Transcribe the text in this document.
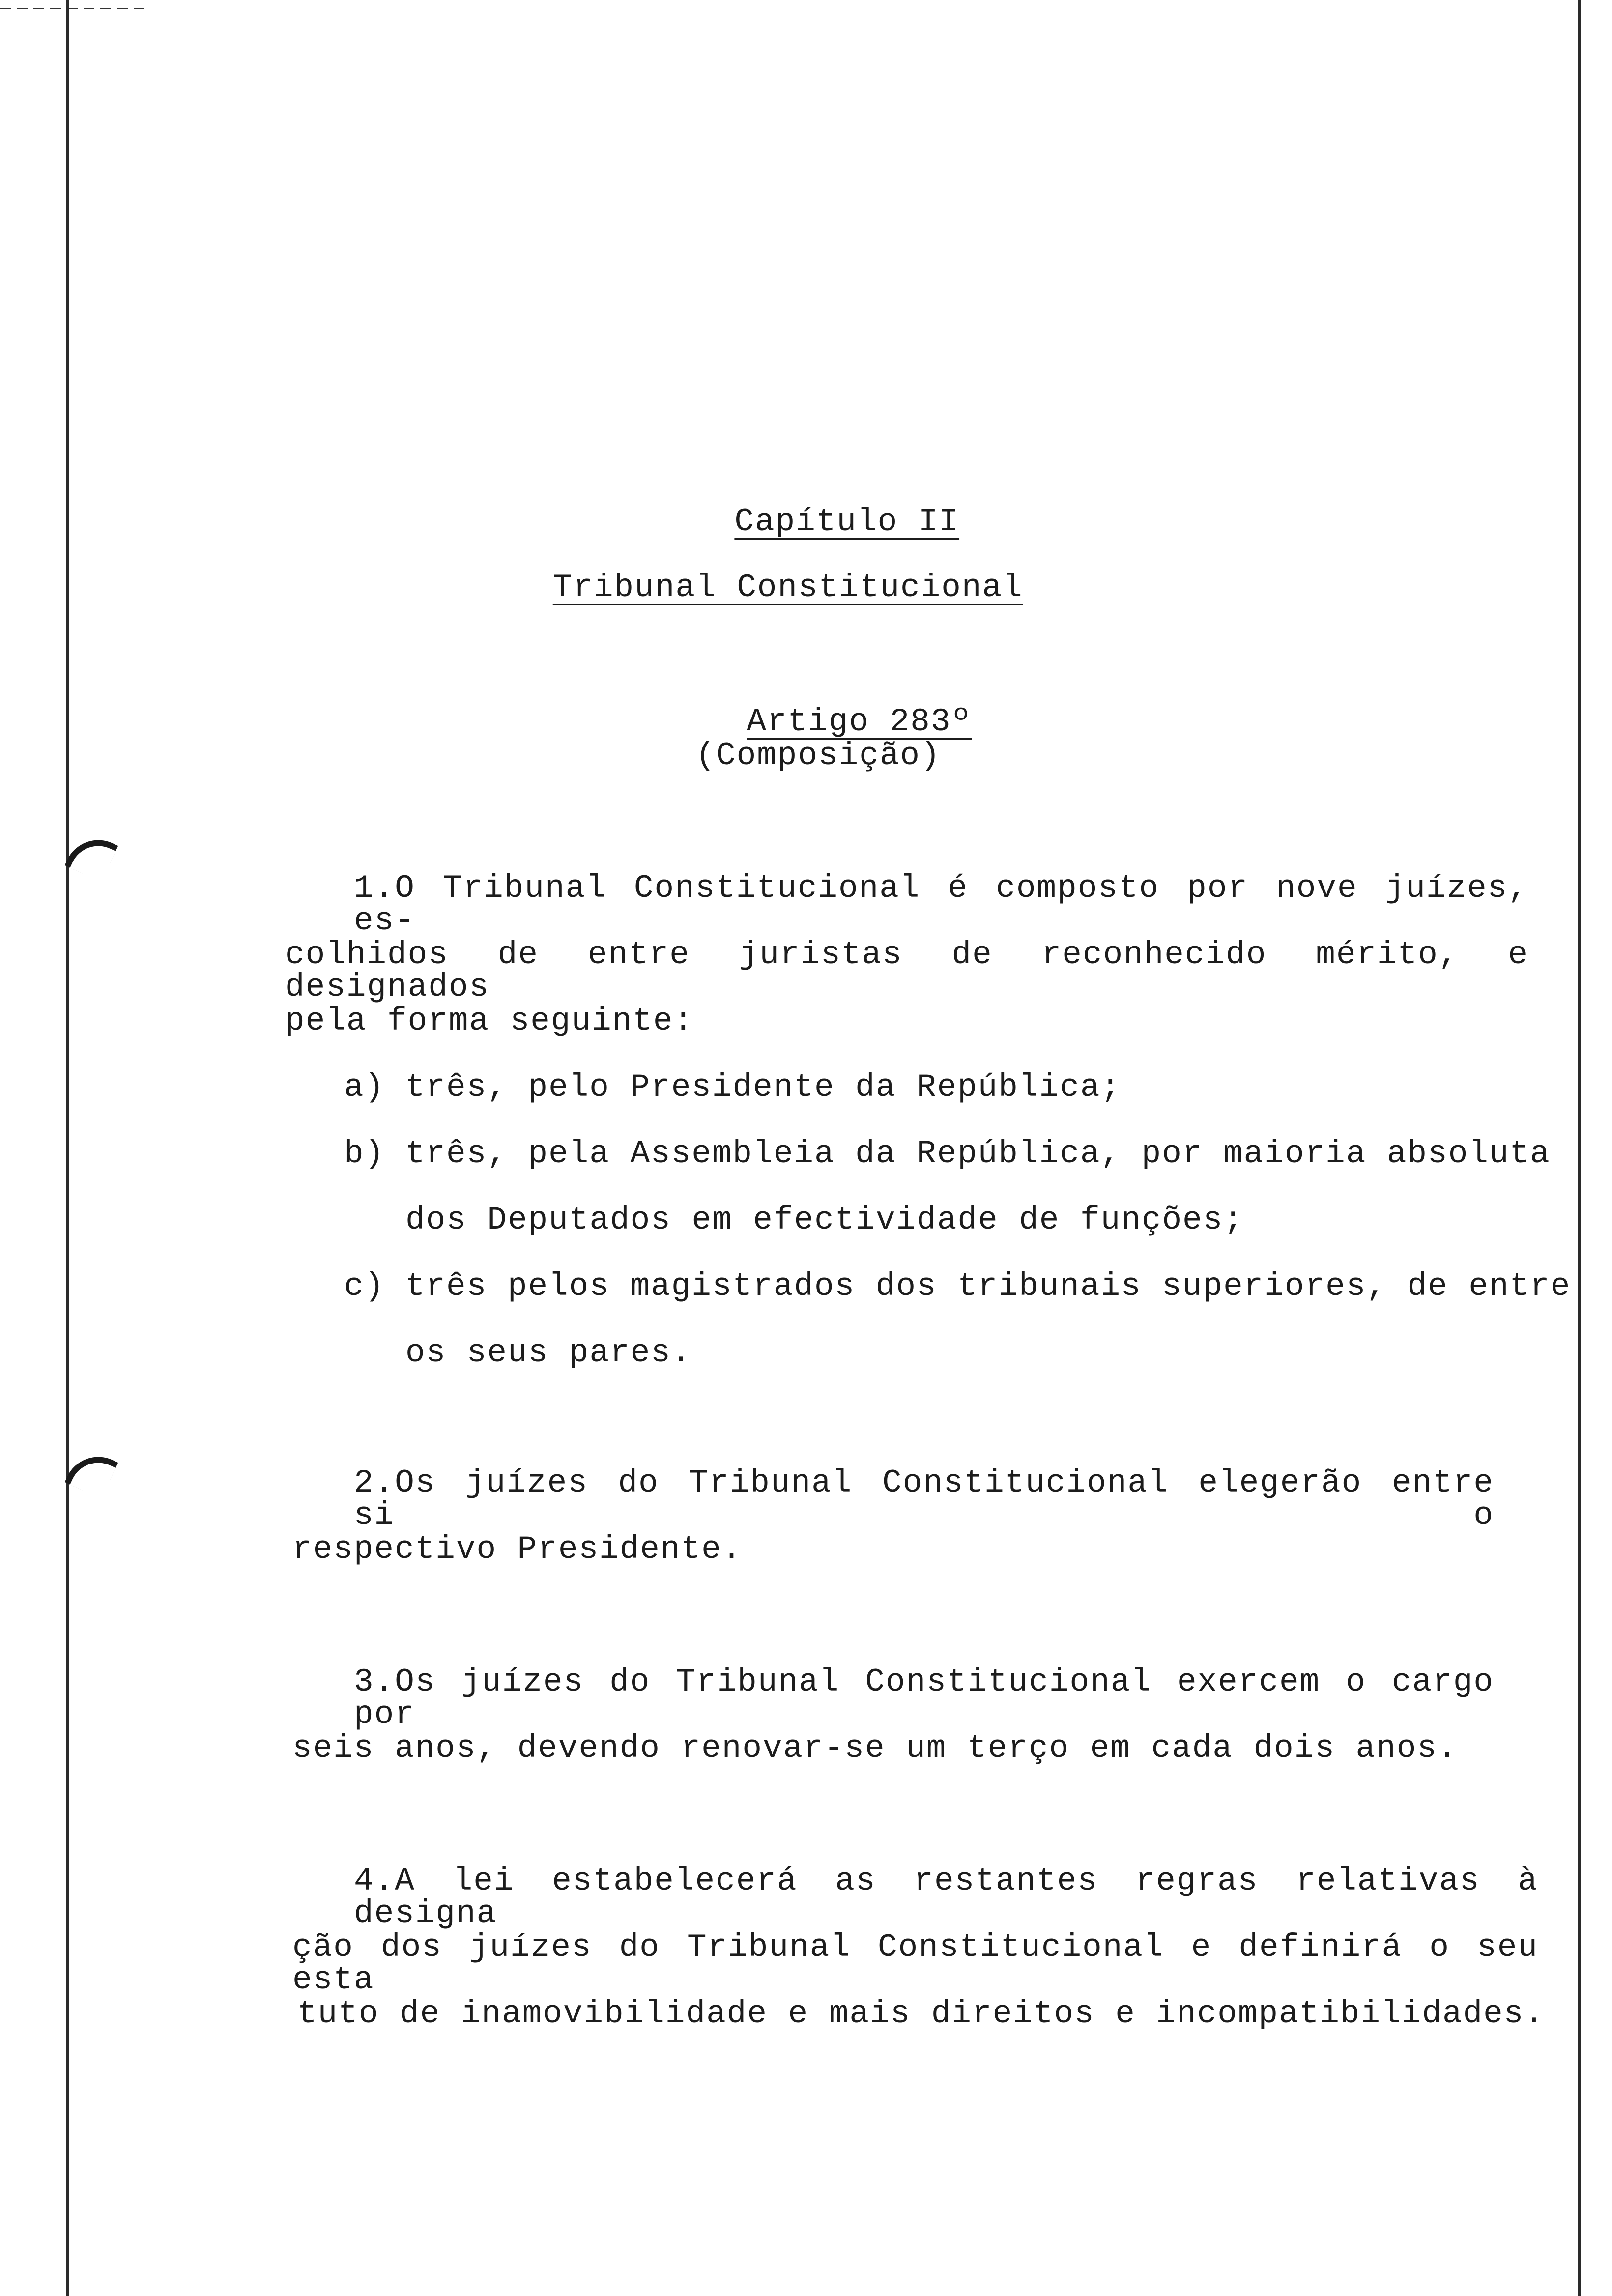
Capítulo II

Tribunal Constitucional

Artigo 283º

(Composição)
1.O Tribunal Constitucional é composto por nove juízes, es-
colhidos de entre juristas de reconhecido mérito, e designados
pela forma seguinte:
a) três, pelo Presidente da República;
b) três, pela Assembleia da República, por maioria absoluta
dos Deputados em efectividade de funções;
c) três pelos magistrados dos tribunais superiores, de entre
os seus pares.
2.Os juízes do Tribunal Constitucional elegerão entre si o
respectivo Presidente.
3.Os juízes do Tribunal Constitucional exercem o cargo por
seis anos, devendo renovar-se um terço em cada dois anos.
4.A lei estabelecerá as restantes regras relativas à designa
ção dos juízes do Tribunal Constitucional e definirá o seu esta
tuto de inamovibilidade e mais direitos e incompatibilidades.
